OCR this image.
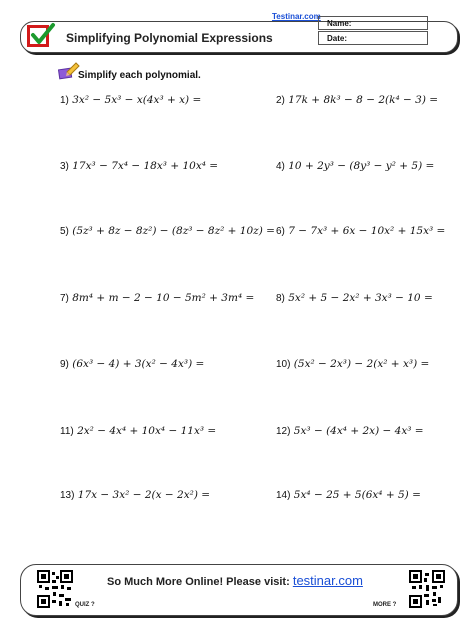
Testinar.com
Simplifying Polynomial Expressions
Name:
Date:
Simplify each polynomial.
1) 3x² − 5x³ − x(4x³ + x) =
3) 17x³ − 7x⁴ − 18x³ + 10x⁴ =
5) (5z³ + 8z − 8z²) − (8z³ − 8z² + 10z) =
7) 8m⁴ + m − 2 − 10 − 5m² + 3m⁴ =
9) (6x³ − 4) + 3(x² − 4x³) =
11) 2x² − 4x⁴ + 10x⁴ − 11x³ =
13) 17x − 3x² − 2(x − 2x²) =
2) 17k + 8k³ − 8 − 2(k⁴ − 3) =
4) 10 + 2y³ − (8y³ − y² + 5) =
6) 7 − 7x³ + 6x − 10x² + 15x³ =
8) 5x² + 5 − 2x² + 3x³ − 10 =
10) (5x² − 2x³) − 2(x² + x³) =
12) 5x³ − (4x⁴ + 2x) − 4x³ =
14) 5x⁴ − 25 + 5(6x⁴ + 5) =
So Much More Online! Please visit: testinar.com
QUIZ ?	MORE ?
